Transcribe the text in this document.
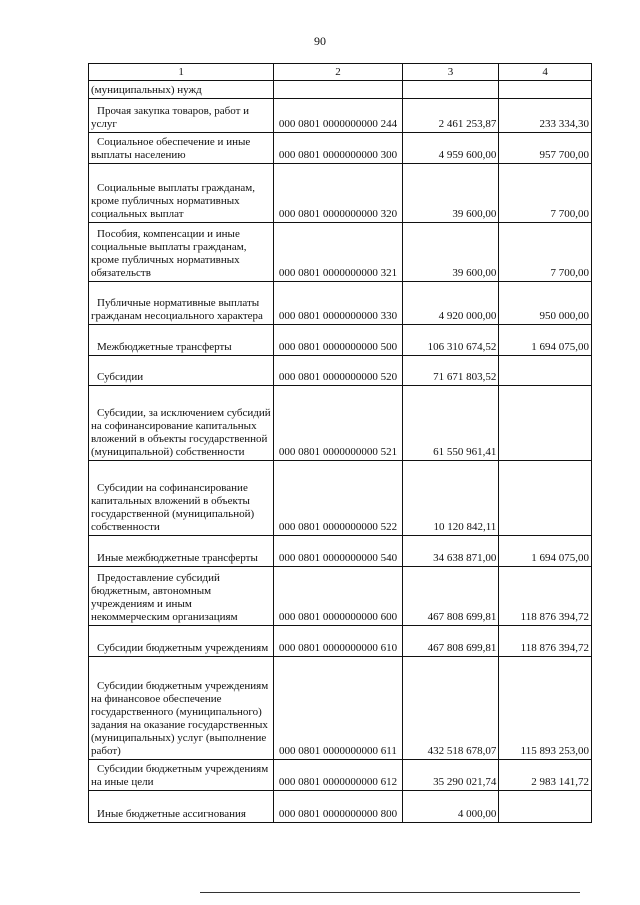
90
1	2	3	4
(муниципальных) нужд			
Прочая закупка товаров, работ и услуг	000 0801 0000000000 244	2 461 253,87	233 334,30
Социальное обеспечение и иные выплаты населению	000 0801 0000000000 300	4 959 600,00	957 700,00
Социальные выплаты гражданам, кроме публичных нормативных социальных выплат	000 0801 0000000000 320	39 600,00	7 700,00
Пособия, компенсации и иные социальные выплаты гражданам, кроме публичных нормативных обязательств	000 0801 0000000000 321	39 600,00	7 700,00
Публичные нормативные выплаты гражданам несоциального характера	000 0801 0000000000 330	4 920 000,00	950 000,00
Межбюджетные трансферты	000 0801 0000000000 500	106 310 674,52	1 694 075,00
Субсидии	000 0801 0000000000 520	71 671 803,52	
Субсидии, за исключением субсидий на софинансирование капитальных вложений в объекты государственной (муниципальной) собственности	000 0801 0000000000 521	61 550 961,41	
Субсидии на софинансирование капитальных вложений в объекты государственной (муниципальной) собственности	000 0801 0000000000 522	10 120 842,11	
Иные межбюджетные трансферты	000 0801 0000000000 540	34 638 871,00	1 694 075,00
Предоставление субсидий бюджетным, автономным учреждениям и иным некоммерческим организациям	000 0801 0000000000 600	467 808 699,81	118 876 394,72
Субсидии бюджетным учреждениям	000 0801 0000000000 610	467 808 699,81	118 876 394,72
Субсидии бюджетным учреждениям на финансовое обеспечение государственного (муниципального) задания на оказание государственных (муниципальных) услуг (выполнение работ)	000 0801 0000000000 611	432 518 678,07	115 893 253,00
Субсидии бюджетным учреждениям на иные цели	000 0801 0000000000 612	35 290 021,74	2 983 141,72
Иные бюджетные ассигнования	000 0801 0000000000 800	4 000,00	
